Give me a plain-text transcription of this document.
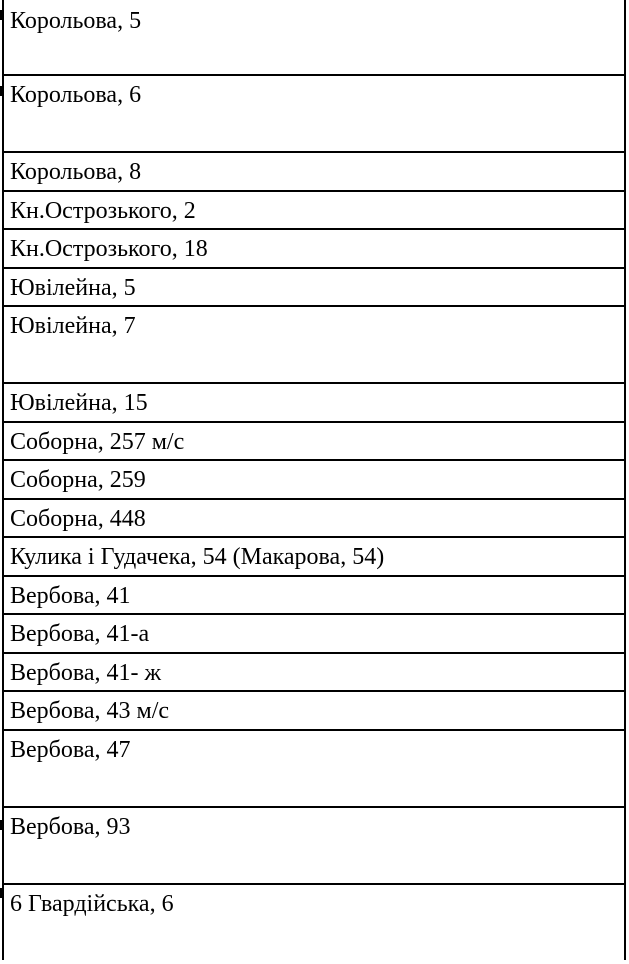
Корольова, 5
Корольова, 6
Корольова, 8
Кн.Острозького, 2
Кн.Острозького, 18
Ювілейна, 5
Ювілейна, 7
Ювілейна, 15
Соборна, 257 м/с
Соборна, 259
Соборна, 448
Кулика і Гудачека, 54 (Макарова, 54)
Вербова, 41
Вербова, 41-а
Вербова, 41- ж
Вербова, 43 м/с
Вербова, 47
Вербова, 93
6 Гвардійська, 6
